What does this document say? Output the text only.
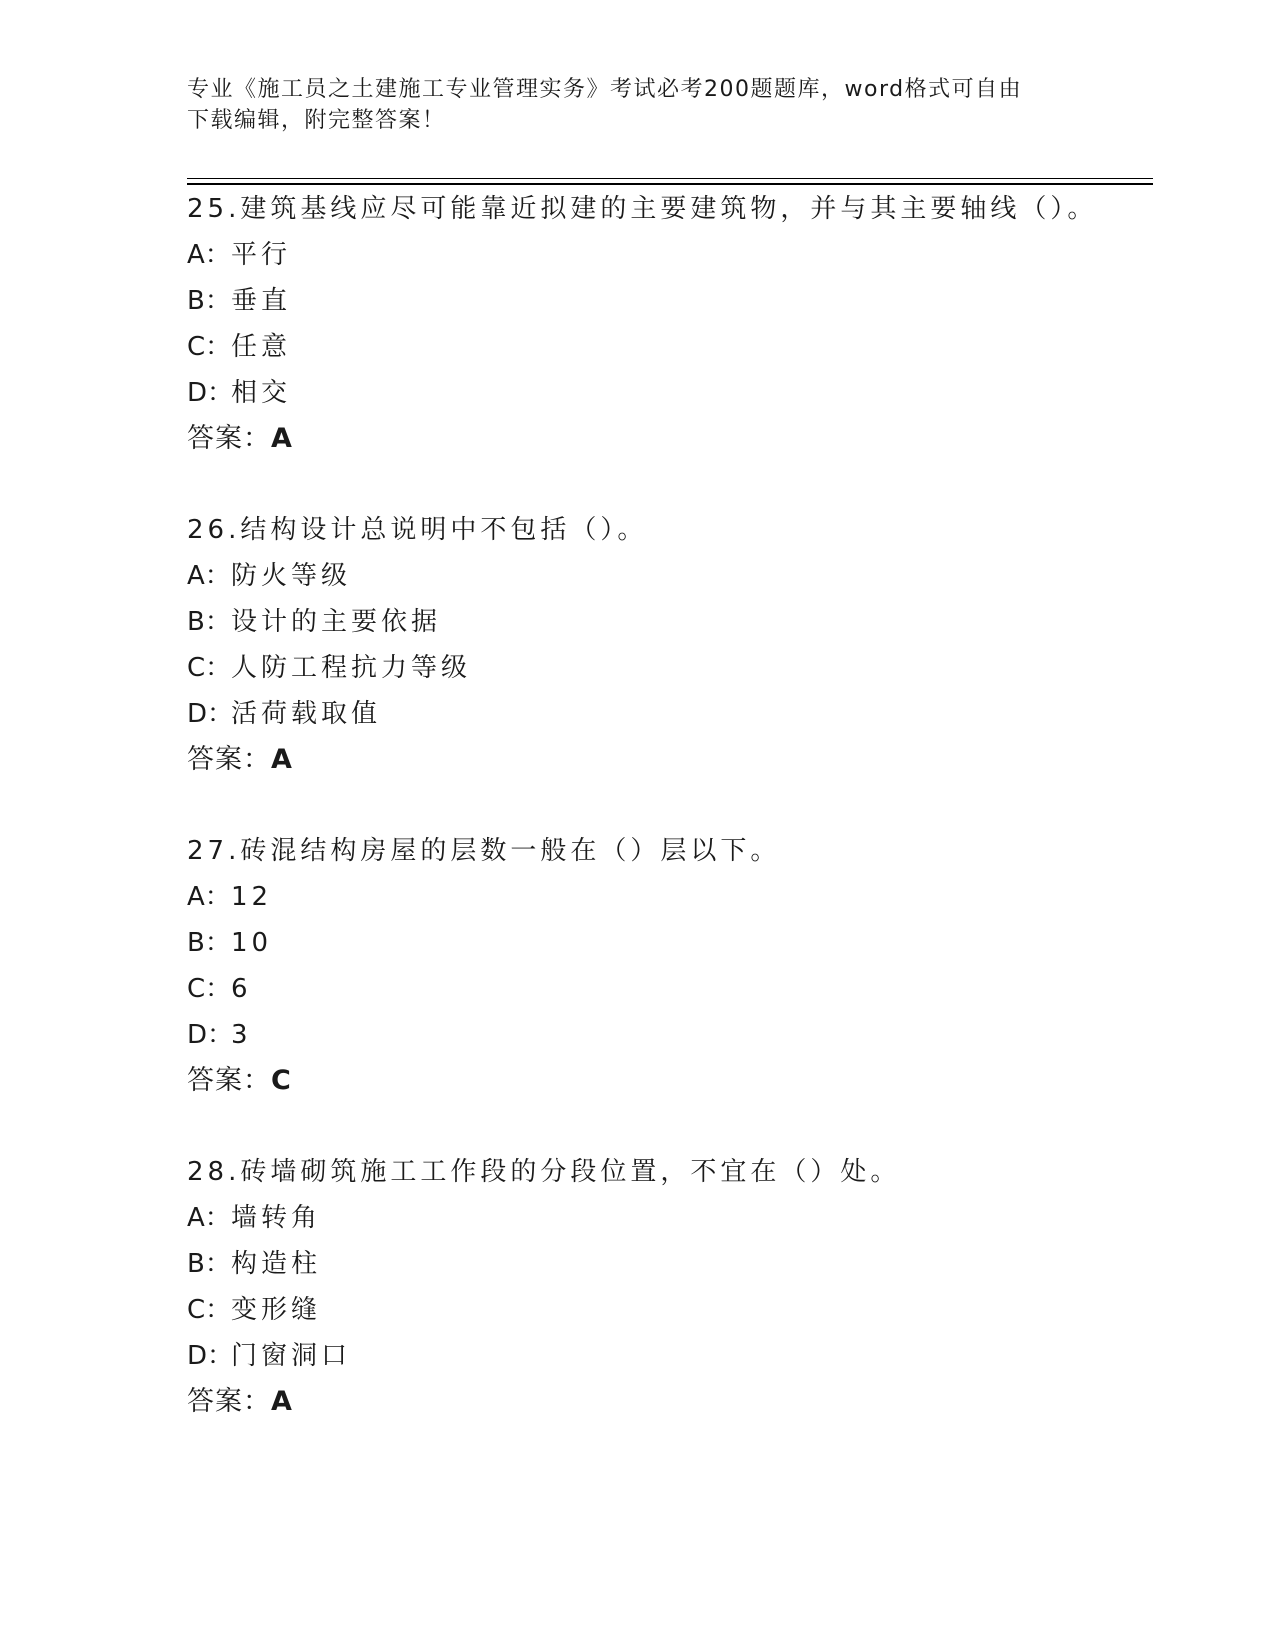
专业《施工员之土建施工专业管理实务》考试必考200题题库，word格式可自由
下载编辑，附完整答案！
25.建筑基线应尽可能靠近拟建的主要建筑物，并与其主要轴线（）。
A：平行
B：垂直
C：任意
D：相交
答案：A
26.结构设计总说明中不包括（）。
A：防火等级
B：设计的主要依据
C：人防工程抗力等级
D：活荷载取值
答案：A
27.砖混结构房屋的层数一般在（）层以下。
A：12
B：10
C：6
D：3
答案：C
28.砖墙砌筑施工工作段的分段位置，不宜在（）处。
A：墙转角
B：构造柱
C：变形缝
D：门窗洞口
答案：A
